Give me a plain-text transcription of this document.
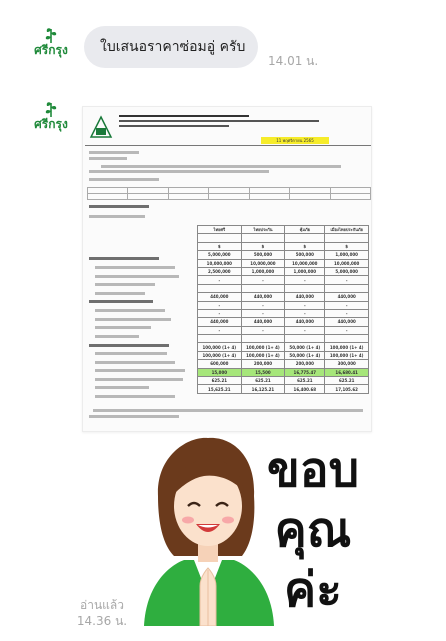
ศรีกรุง	ใบเสนอราคาซ่อมอู่ ครับ
14.01 น.
ศรีกรุง
11 พฤศจิกายน 2565

ไทยศรี	ไทยประกัน	คุ้มภัย	เมืองไทยประกันภัย

$	$	$	$
5,000,000	500,000	500,000	1,000,000
10,000,000	10,000,000	10,000,000	10,000,000
2,500,000	1,000,000	1,000,000	5,000,000
-	-	-	-

440,000	440,000	440,000	440,000
-	-	-	-
-	-	-	-
440,000	440,000	440,000	440,000
-	-	-	-

100,000 (1+ 4)	100,000 (1+ 4)	50,000 (1+ 4)	100,000 (1+ 4)
100,000 (1+ 4)	100,000 (1+ 4)	50,000 (1+ 4)	100,000 (1+ 4)
600,000	200,000	200,000	300,000
15,000	15,500	16,775.47	16,680.41
625.21	625.21	625.21	625.21
15,625.21	16,125.21	16,400.68	17,105.62
ขอบ
คุณ
ค่ะ
อ่านแล้ว
14.36 น.
